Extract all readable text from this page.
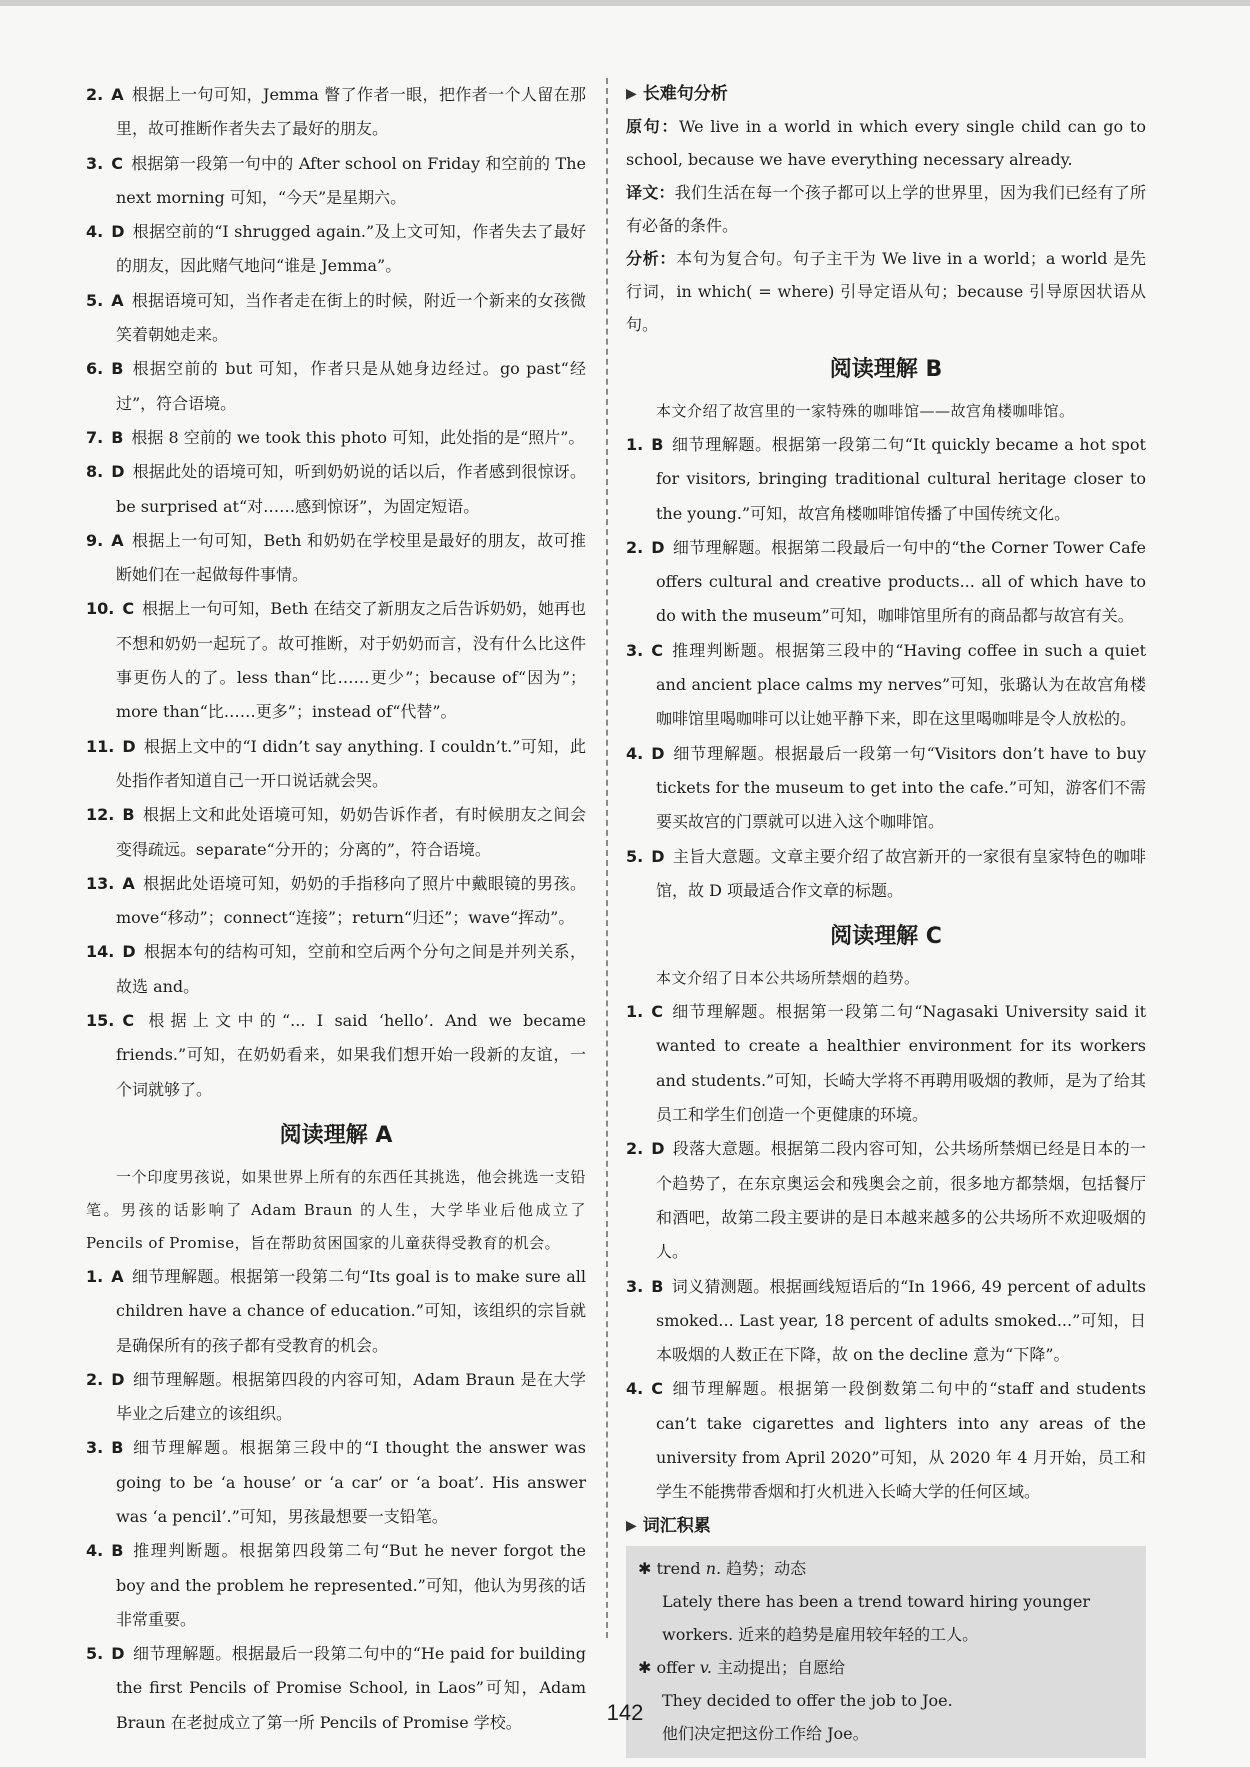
2. A 根据上一句可知，Jemma 瞥了作者一眼，把作者一个人留在那里，故可推断作者失去了最好的朋友。

3. C 根据第一段第一句中的 After school on Friday 和空前的 The next morning 可知，“今天”是星期六。

4. D 根据空前的“I shrugged again.”及上文可知，作者失去了最好的朋友，因此赌气地问“谁是 Jemma”。

5. A 根据语境可知，当作者走在街上的时候，附近一个新来的女孩微笑着朝她走来。

6. B 根据空前的 but 可知，作者只是从她身边经过。go past“经过”，符合语境。

7. B 根据 8 空前的 we took this photo 可知，此处指的是“照片”。

8. D 根据此处的语境可知，听到奶奶说的话以后，作者感到很惊讶。be surprised at“对……感到惊讶”，为固定短语。

9. A 根据上一句可知，Beth 和奶奶在学校里是最好的朋友，故可推断她们在一起做每件事情。

10. C 根据上一句可知，Beth 在结交了新朋友之后告诉奶奶，她再也不想和奶奶一起玩了。故可推断，对于奶奶而言，没有什么比这件事更伤人的了。less than“比……更少”；because of“因为”；more than“比……更多”；instead of“代替”。

11. D 根据上文中的“I didn’t say anything. I couldn’t.”可知，此处指作者知道自己一开口说话就会哭。

12. B 根据上文和此处语境可知，奶奶告诉作者，有时候朋友之间会变得疏远。separate“分开的；分离的”，符合语境。

13. A 根据此处语境可知，奶奶的手指移向了照片中戴眼镜的男孩。move“移动”；connect“连接”；return“归还”；wave“挥动”。

14. D 根据本句的结构可知，空前和空后两个分句之间是并列关系，故选 and。

15. C 根据上文中的“... I said ‘hello’. And we became friends.”可知，在奶奶看来，如果我们想开始一段新的友谊，一个词就够了。

阅读理解 A

一个印度男孩说，如果世界上所有的东西任其挑选，他会挑选一支铅笔。男孩的话影响了 Adam Braun 的人生，大学毕业后他成立了 Pencils of Promise，旨在帮助贫困国家的儿童获得受教育的机会。

1. A 细节理解题。根据第一段第二句“Its goal is to make sure all children have a chance of education.”可知，该组织的宗旨就是确保所有的孩子都有受教育的机会。

2. D 细节理解题。根据第四段的内容可知，Adam Braun 是在大学毕业之后建立的该组织。

3. B 细节理解题。根据第三段中的“I thought the answer was going to be ‘a house’ or ‘a car’ or ‘a boat’. His answer was ‘a pencil’.”可知，男孩最想要一支铅笔。

4. B 推理判断题。根据第四段第二句“But he never forgot the boy and the problem he represented.”可知，他认为男孩的话非常重要。

5. D 细节理解题。根据最后一段第二句中的“He paid for building the first Pencils of Promise School, in Laos”可知，Adam Braun 在老挝成立了第一所 Pencils of Promise 学校。

▶ 长难句分析

原句：We live in a world in which every single child can go to school, because we have everything necessary already.

译文：我们生活在每一个孩子都可以上学的世界里，因为我们已经有了所有必备的条件。

分析：本句为复合句。句子主干为 We live in a world；a world 是先行词，in which( = where) 引导定语从句；because 引导原因状语从句。

阅读理解 B

本文介绍了故宫里的一家特殊的咖啡馆——故宫角楼咖啡馆。

1. B 细节理解题。根据第一段第二句“It quickly became a hot spot for visitors, bringing traditional cultural heritage closer to the young.”可知，故宫角楼咖啡馆传播了中国传统文化。

2. D 细节理解题。根据第二段最后一句中的“the Corner Tower Cafe offers cultural and creative products... all of which have to do with the museum”可知，咖啡馆里所有的商品都与故宫有关。

3. C 推理判断题。根据第三段中的“Having coffee in such a quiet and ancient place calms my nerves”可知，张璐认为在故宫角楼咖啡馆里喝咖啡可以让她平静下来，即在这里喝咖啡是令人放松的。

4. D 细节理解题。根据最后一段第一句“Visitors don’t have to buy tickets for the museum to get into the cafe.”可知，游客们不需要买故宫的门票就可以进入这个咖啡馆。

5. D 主旨大意题。文章主要介绍了故宫新开的一家很有皇家特色的咖啡馆，故 D 项最适合作文章的标题。

阅读理解 C

本文介绍了日本公共场所禁烟的趋势。

1. C 细节理解题。根据第一段第二句“Nagasaki University said it wanted to create a healthier environment for its workers and students.”可知，长崎大学将不再聘用吸烟的教师，是为了给其员工和学生们创造一个更健康的环境。

2. D 段落大意题。根据第二段内容可知，公共场所禁烟已经是日本的一个趋势了，在东京奥运会和残奥会之前，很多地方都禁烟，包括餐厅和酒吧，故第二段主要讲的是日本越来越多的公共场所不欢迎吸烟的人。

3. B 词义猜测题。根据画线短语后的“In 1966, 49 percent of adults smoked... Last year, 18 percent of adults smoked...”可知，日本吸烟的人数正在下降，故 on the decline 意为“下降”。

4. C 细节理解题。根据第一段倒数第二句中的“staff and students can’t take cigarettes and lighters into any areas of the university from April 2020”可知，从 2020 年 4 月开始，员工和学生不能携带香烟和打火机进入长崎大学的任何区域。

▶ 词汇积累

✱ trend n. 趋势；动态

Lately there has been a trend toward hiring younger workers. 近来的趋势是雇用较年轻的工人。

✱ offer v. 主动提出；自愿给

They decided to offer the job to Joe.

他们决定把这份工作给 Joe。

142
